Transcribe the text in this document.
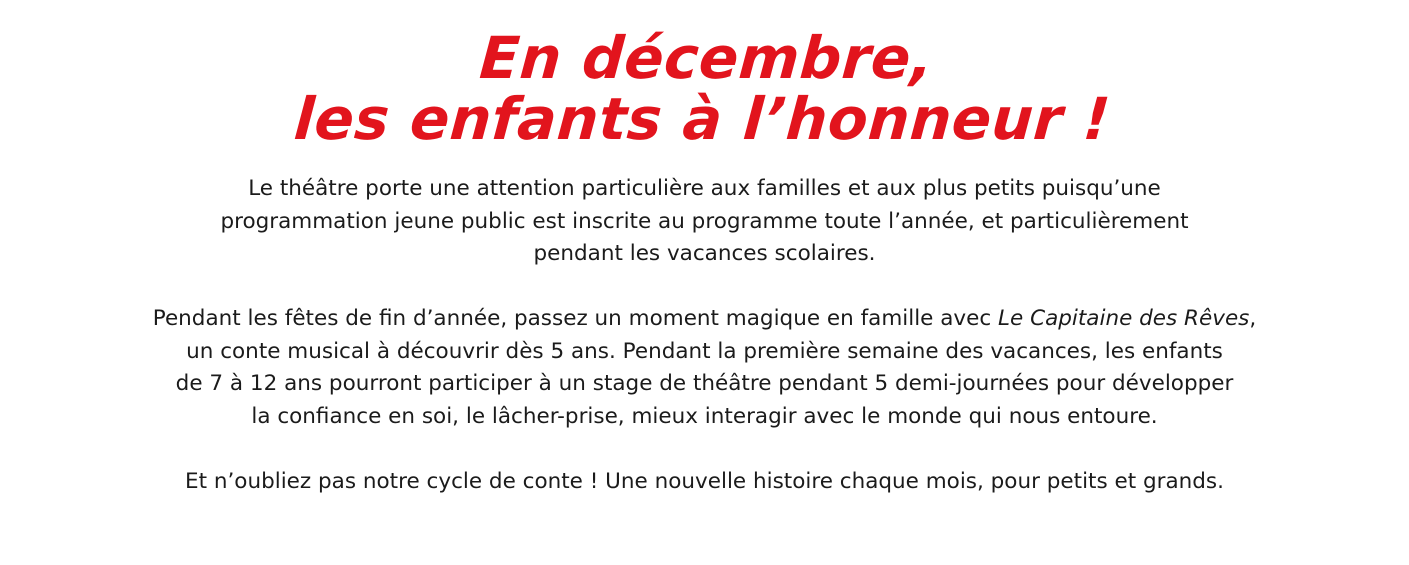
En décembre,
les enfants à l’honneur !

Le théâtre porte une attention particulière aux familles et aux plus petits puisqu’une
programmation jeune public est inscrite au programme toute l’année, et particulièrement
pendant les vacances scolaires.

Pendant les fêtes de fin d’année, passez un moment magique en famille avec Le Capitaine des Rêves,
un conte musical à découvrir dès 5 ans. Pendant la première semaine des vacances, les enfants
de 7 à 12 ans pourront participer à un stage de théâtre pendant 5 demi-journées pour développer
la confiance en soi, le lâcher-prise, mieux interagir avec le monde qui nous entoure.

Et n’oubliez pas notre cycle de conte ! Une nouvelle histoire chaque mois, pour petits et grands.
